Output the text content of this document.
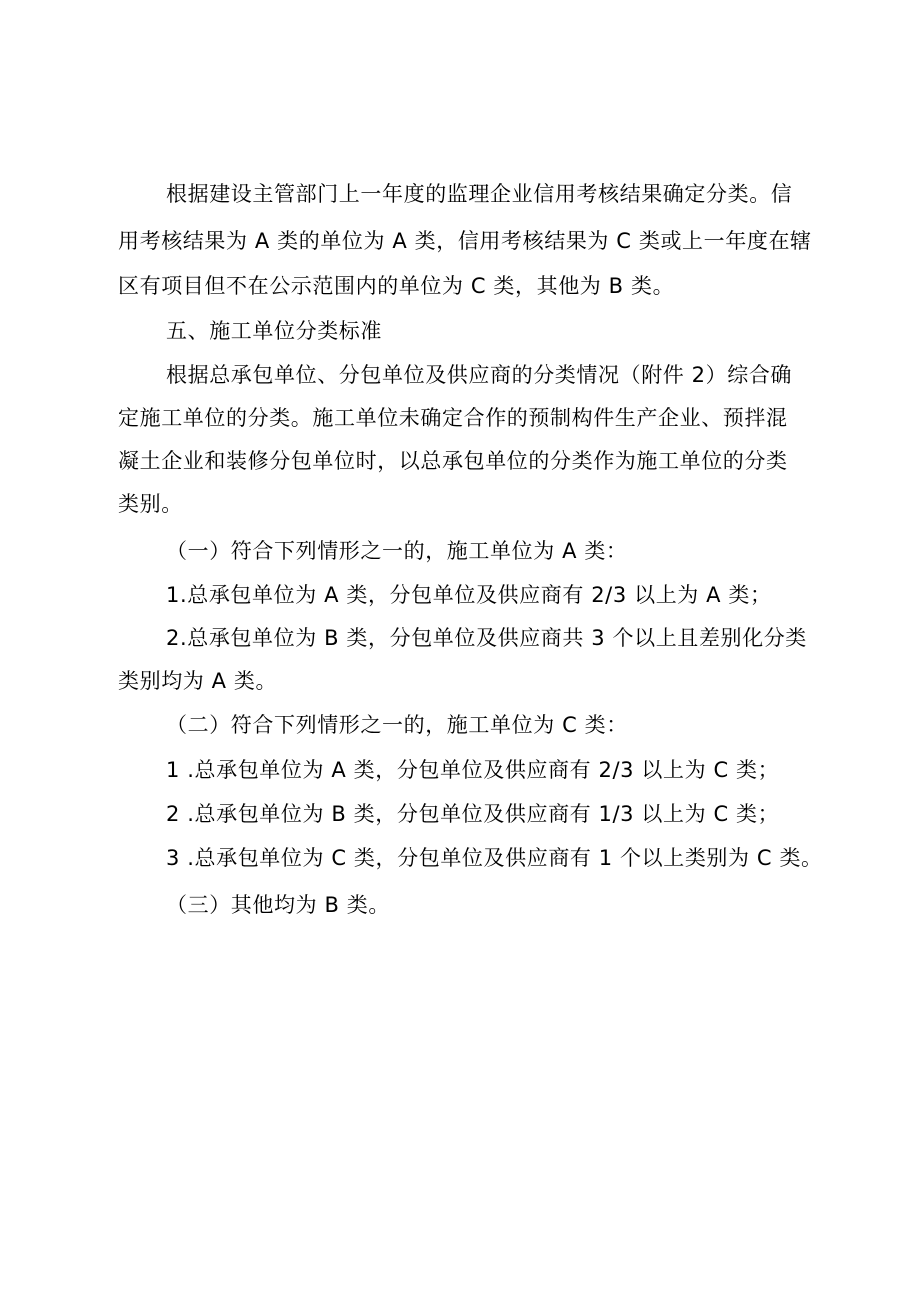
根据建设主管部门上一年度的监理企业信用考核结果确定分类。信
用考核结果为 A 类的单位为 A 类，信用考核结果为 C 类或上一年度在辖
区有项目但不在公示范围内的单位为 C 类，其他为 B 类。
五、施工单位分类标准
根据总承包单位、分包单位及供应商的分类情况（附件 2）综合确
定施工单位的分类。施工单位未确定合作的预制构件生产企业、预拌混
凝土企业和装修分包单位时，以总承包单位的分类作为施工单位的分类
类别。
（一）符合下列情形之一的，施工单位为 A 类：
1.总承包单位为 A 类，分包单位及供应商有 2/3 以上为 A 类；
2.总承包单位为 B 类，分包单位及供应商共 3 个以上且差别化分类
类别均为 A 类。
（二）符合下列情形之一的，施工单位为 C 类：
1 .总承包单位为 A 类，分包单位及供应商有 2/3 以上为 C 类；
2 .总承包单位为 B 类，分包单位及供应商有 1/3 以上为 C 类；
3 .总承包单位为 C 类，分包单位及供应商有 1 个以上类别为 C 类。
（三）其他均为 B 类。
